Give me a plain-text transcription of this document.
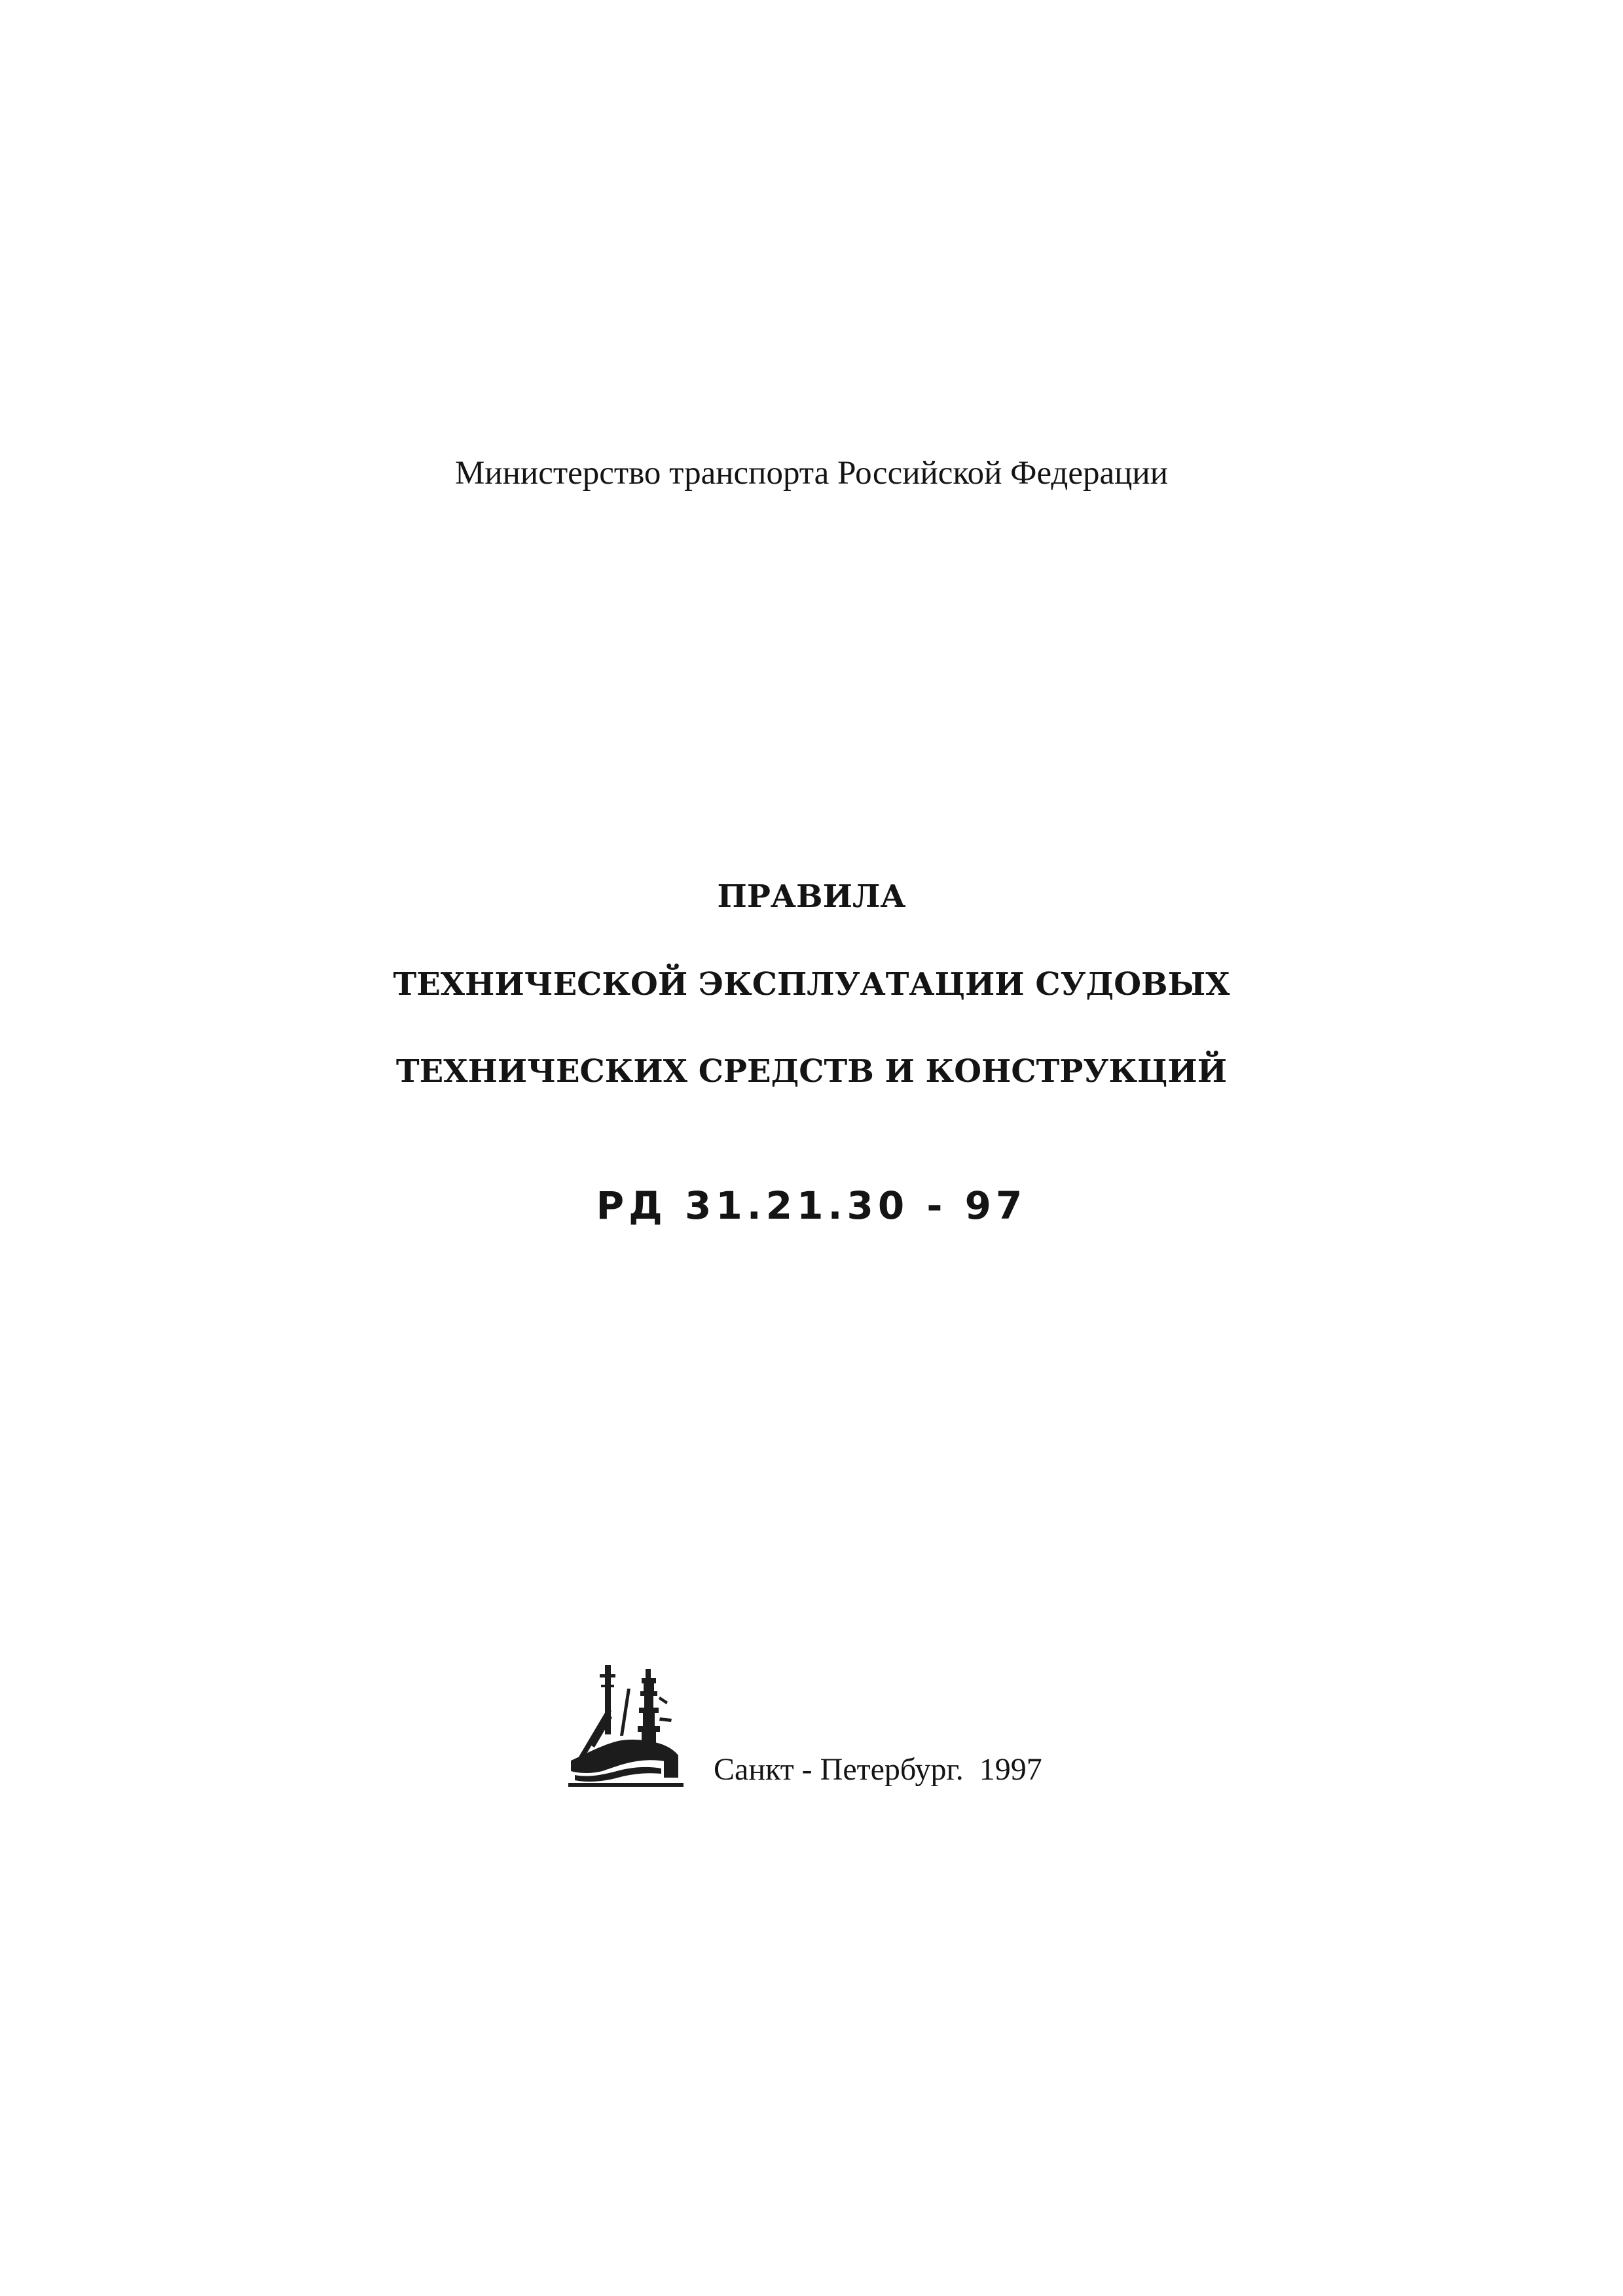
Министерство транспорта Российской Федерации
ПРАВИЛА
ТЕХНИЧЕСКОЙ ЭКСПЛУАТАЦИИ СУДОВЫХ
ТЕХНИЧЕСКИХ СРЕДСТВ И КОНСТРУКЦИЙ
РД 31.21.30 - 97
Санкт - Петербург.  1997
